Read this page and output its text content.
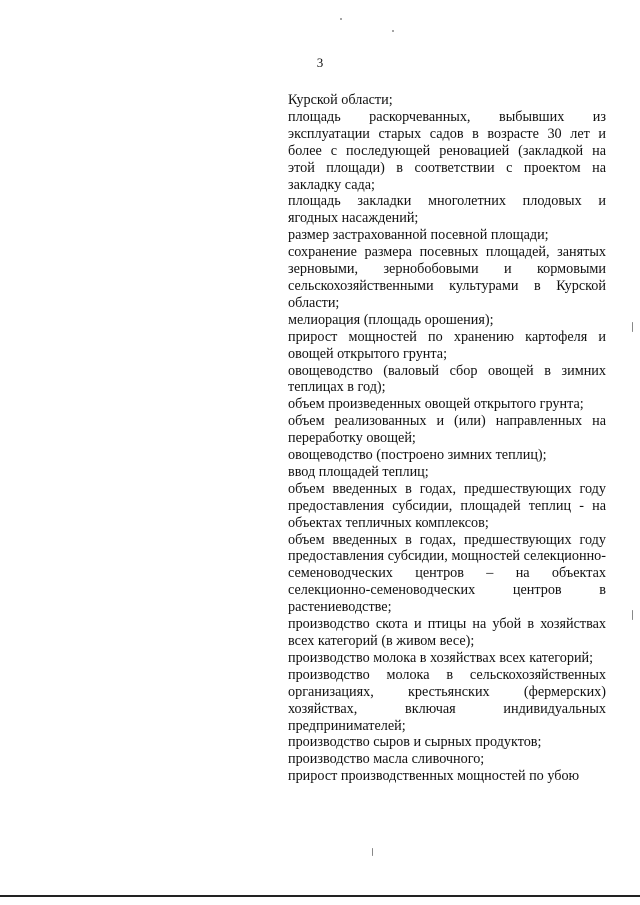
3

Курской области;

площадь раскорчеванных, выбывших из эксплуатации старых садов в возрасте 30 лет и более с последующей реновацией (закладкой на этой площади) в соответствии с проектом на закладку сада;

площадь закладки многолетних плодовых и ягодных насаждений;

размер застрахованной посевной площади;

сохранение размера посевных площадей, занятых зерновыми, зернобобовыми и кормовыми сельскохозяйственными культурами в Курской области;

мелиорация (площадь орошения);

прирост мощностей по хранению картофеля и овощей открытого грунта;

овощеводство (валовый сбор овощей в зимних теплицах в год);

объем произведенных овощей открытого грунта;

объем реализованных и (или) направленных на переработку овощей;

овощеводство (построено зимних теплиц);

ввод площадей теплиц;

объем введенных в годах, предшествующих году предоставления субсидии, площадей теплиц - на объектах тепличных комплексов;

объем введенных в годах, предшествующих году предоставления субсидии, мощностей селекционно-семеноводческих центров – на объектах селекционно-семеноводческих центров в растениеводстве;

производство скота и птицы на убой в хозяйствах всех категорий (в живом весе);

производство молока в хозяйствах всех категорий;

производство молока в сельскохозяйственных организациях, крестьянских (фермерских) хозяйствах, включая индивидуальных предпринимателей;

производство сыров и сырных продуктов;

производство масла сливочного;

прирост производственных мощностей по убою
